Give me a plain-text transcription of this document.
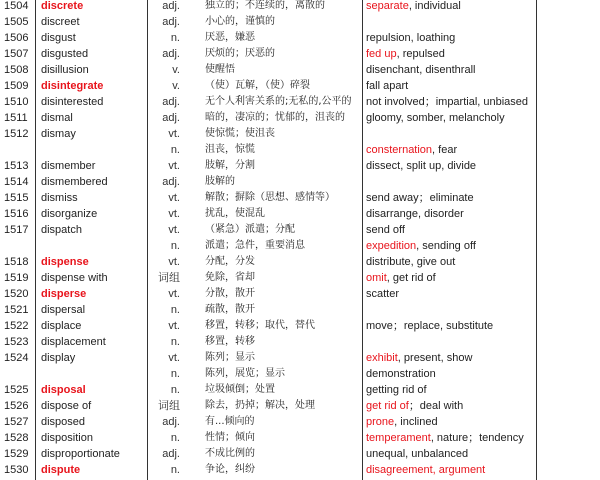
1504 discrete	adj.	独立的；不连续的，离散的	separate, individual
1505 discreet	adj.	小心的，谨慎的
1506 disgust	n.	厌恶，嫌恶	repulsion, loathing
1507 disgusted	adj.	厌烦的；厌恶的	fed up, repulsed
1508 disillusion	v.	使醒悟	disenchant, disenthrall
1509 disintegrate	v.	（使）瓦解，（使）碎裂	fall apart
1510 disinterested	adj.	无个人利害关系的;无私的,公平的 not involved；impartial, unbiased
1511 dismal	adj.	暗的，凄凉的；忧郁的，沮丧的 gloomy, somber, melancholy
1512 dismay	vt.	使惊慌；使沮丧
n.	沮丧，惊慌	consternation, fear
1513 dismember	vt.	肢解，分割	dissect, split up, divide
1514 dismembered	adj.	肢解的
1515 dismiss	vt.	解散；摒除（思想、感情等）	send away；eliminate
1516 disorganize	vt.	扰乱，使混乱	disarrange, disorder
1517 dispatch	vt.	（紧急）派遣；分配	send off
n.	派遣；急件，重要消息	expedition, sending off
1518 dispense	vt.	分配，分发	distribute, give out
1519 dispense with	词组	免除，省却	omit, get rid of
1520 disperse	vt.	分散，散开	scatter
1521 dispersal	n.	疏散，散开
1522 displace	vt.	移置，转移；取代，替代	move；replace, substitute
1523 displacement	n.	移置，转移
1524 display	vt.	陈列；显示	exhibit, present, show
n.	陈列，展览；显示	demonstration
1525 disposal	n.	垃圾倾倒；处置	getting rid of
1526 dispose of	词组	除去，扔掉；解决，处理	get rid of；deal with
1527 disposed	adj.	有...倾向的	prone, inclined
1528 disposition	n.	性情；倾向	temperament, nature；tendency
1529 disproportionate	adj.	不成比例的	unequal, unbalanced
1530 dispute	n.	争论，纠纷	disagreement, argument
